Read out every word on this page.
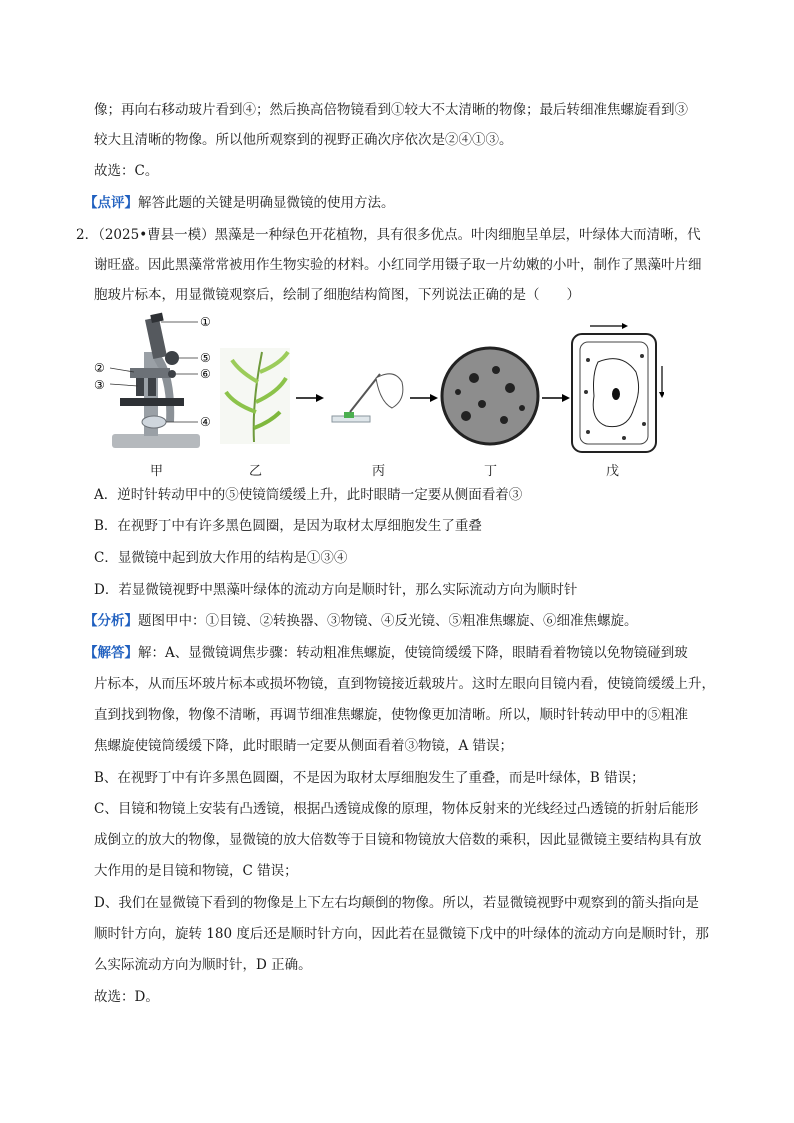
像；再向右移动玻片看到④；然后换高倍物镜看到①较大不太清晰的物像；最后转细准焦螺旋看到③
较大且清晰的物像。所以他所观察到的视野正确次序依次是②④①③。
故选：C。
【点评】解答此题的关键是明确显微镜的使用方法。
2．（2025•曹县一模）黑藻是一种绿色开花植物，具有很多优点。叶肉细胞呈单层，叶绿体大而清晰，代
谢旺盛。因此黑藻常常被用作生物实验的材料。小红同学用镊子取一片幼嫩的小叶，制作了黑藻叶片细
胞玻片标本，用显微镜观察后，绘制了细胞结构简图，下列说法正确的是（　　）
①
②
③
④
⑤
⑥
甲	乙	丙	丁	戊
A．逆时针转动甲中的⑤使镜筒缓缓上升，此时眼睛一定要从侧面看着③
B．在视野丁中有许多黑色圆圈，是因为取材太厚细胞发生了重叠
C．显微镜中起到放大作用的结构是①③④
D．若显微镜视野中黑藻叶绿体的流动方向是顺时针，那么实际流动方向为顺时针
【分析】题图甲中：①目镜、②转换器、③物镜、④反光镜、⑤粗准焦螺旋、⑥细准焦螺旋。
【解答】解：A、显微镜调焦步骤：转动粗准焦螺旋，使镜筒缓缓下降，眼睛看着物镜以免物镜碰到玻
片标本，从而压坏玻片标本或损坏物镜，直到物镜接近载玻片。这时左眼向目镜内看，使镜筒缓缓上升，
直到找到物像，物像不清晰，再调节细准焦螺旋，使物像更加清晰。所以，顺时针转动甲中的⑤粗准
焦螺旋使镜筒缓缓下降，此时眼睛一定要从侧面看着③物镜，A 错误；
B、在视野丁中有许多黑色圆圈，不是因为取材太厚细胞发生了重叠，而是叶绿体，B 错误；
C、目镜和物镜上安装有凸透镜，根据凸透镜成像的原理，物体反射来的光线经过凸透镜的折射后能形
成倒立的放大的物像，显微镜的放大倍数等于目镜和物镜放大倍数的乘积，因此显微镜主要结构具有放
大作用的是目镜和物镜，C 错误；
D、我们在显微镜下看到的物像是上下左右均颠倒的物像。所以，若显微镜视野中观察到的箭头指向是
顺时针方向，旋转 180 度后还是顺时针方向，因此若在显微镜下戊中的叶绿体的流动方向是顺时针，那
么实际流动方向为顺时针，D 正确。
故选：D。
